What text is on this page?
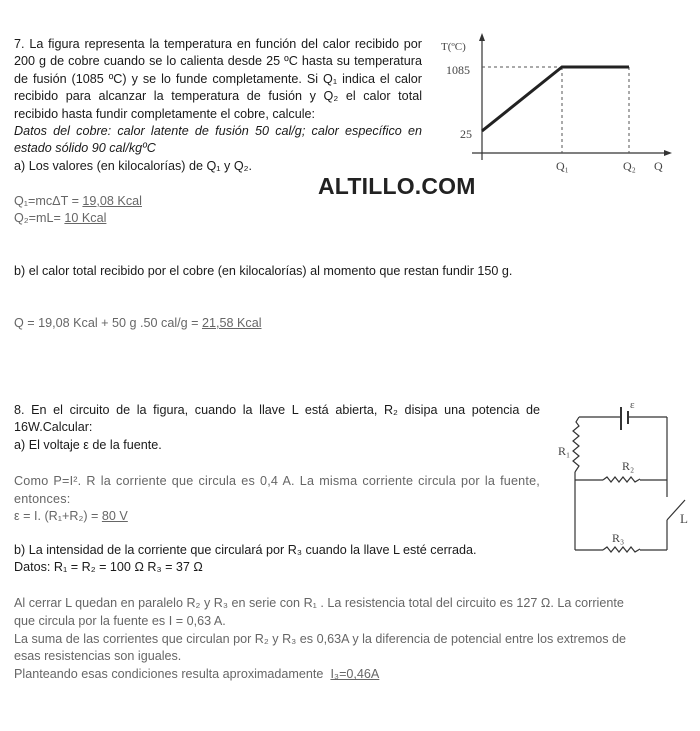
7. La figura representa la temperatura en función del calor recibido por 200 g de cobre cuando se lo calienta desde 25 ºC hasta su temperatura de fusión (1085 ºC) y se lo funde completamente. Si Q₁ indica el calor recibido para alcanzar la temperatura de fusión y Q₂ el calor total recibido hasta fundir completamente el cobre, calcule:
Datos del cobre: calor latente de fusión 50 cal/g; calor específico en estado sólido 90 cal/kgºC
a) Los valores (en kilocalorías) de Q₁ y Q₂.
ALTILLO.COM
Q₁=mcΔT = 19,08 Kcal
Q₂=mL= 10 Kcal
b) el calor total recibido por el cobre (en kilocalorías) al momento que restan fundir 150 g.
Q = 19,08 Kcal + 50 g .50 cal/g = 21,58 Kcal
T(ºC)
1085
25
Q₁	Q₂ Q
ε
R₁
R₂
R₃
L
8. En el circuito de la figura, cuando la llave L está abierta, R₂ disipa una potencia de 16W.Calcular:
a) El voltaje ε de la fuente.
Como P=I². R la corriente que circula es 0,4 A. La misma corriente circula por la fuente, entonces:
ε = I. (R₁+R₂) = 80 V
b) La intensidad de la corriente que circulará por R₃ cuando la llave L esté cerrada.
Datos: R₁ = R₂ = 100 Ω R₃ = 37 Ω
Al cerrar L quedan en paralelo R₂ y R₃ en serie con R₁ . La resistencia total del circuito es 127 Ω. La corriente que circula por la fuente es I = 0,63 A.
La suma de las corrientes que circulan por R₂ y R₃ es 0,63A y la diferencia de potencial entre los extremos de esas resistencias son iguales.
Planteando esas condiciones resulta aproximadamente  I₃=0,46A
